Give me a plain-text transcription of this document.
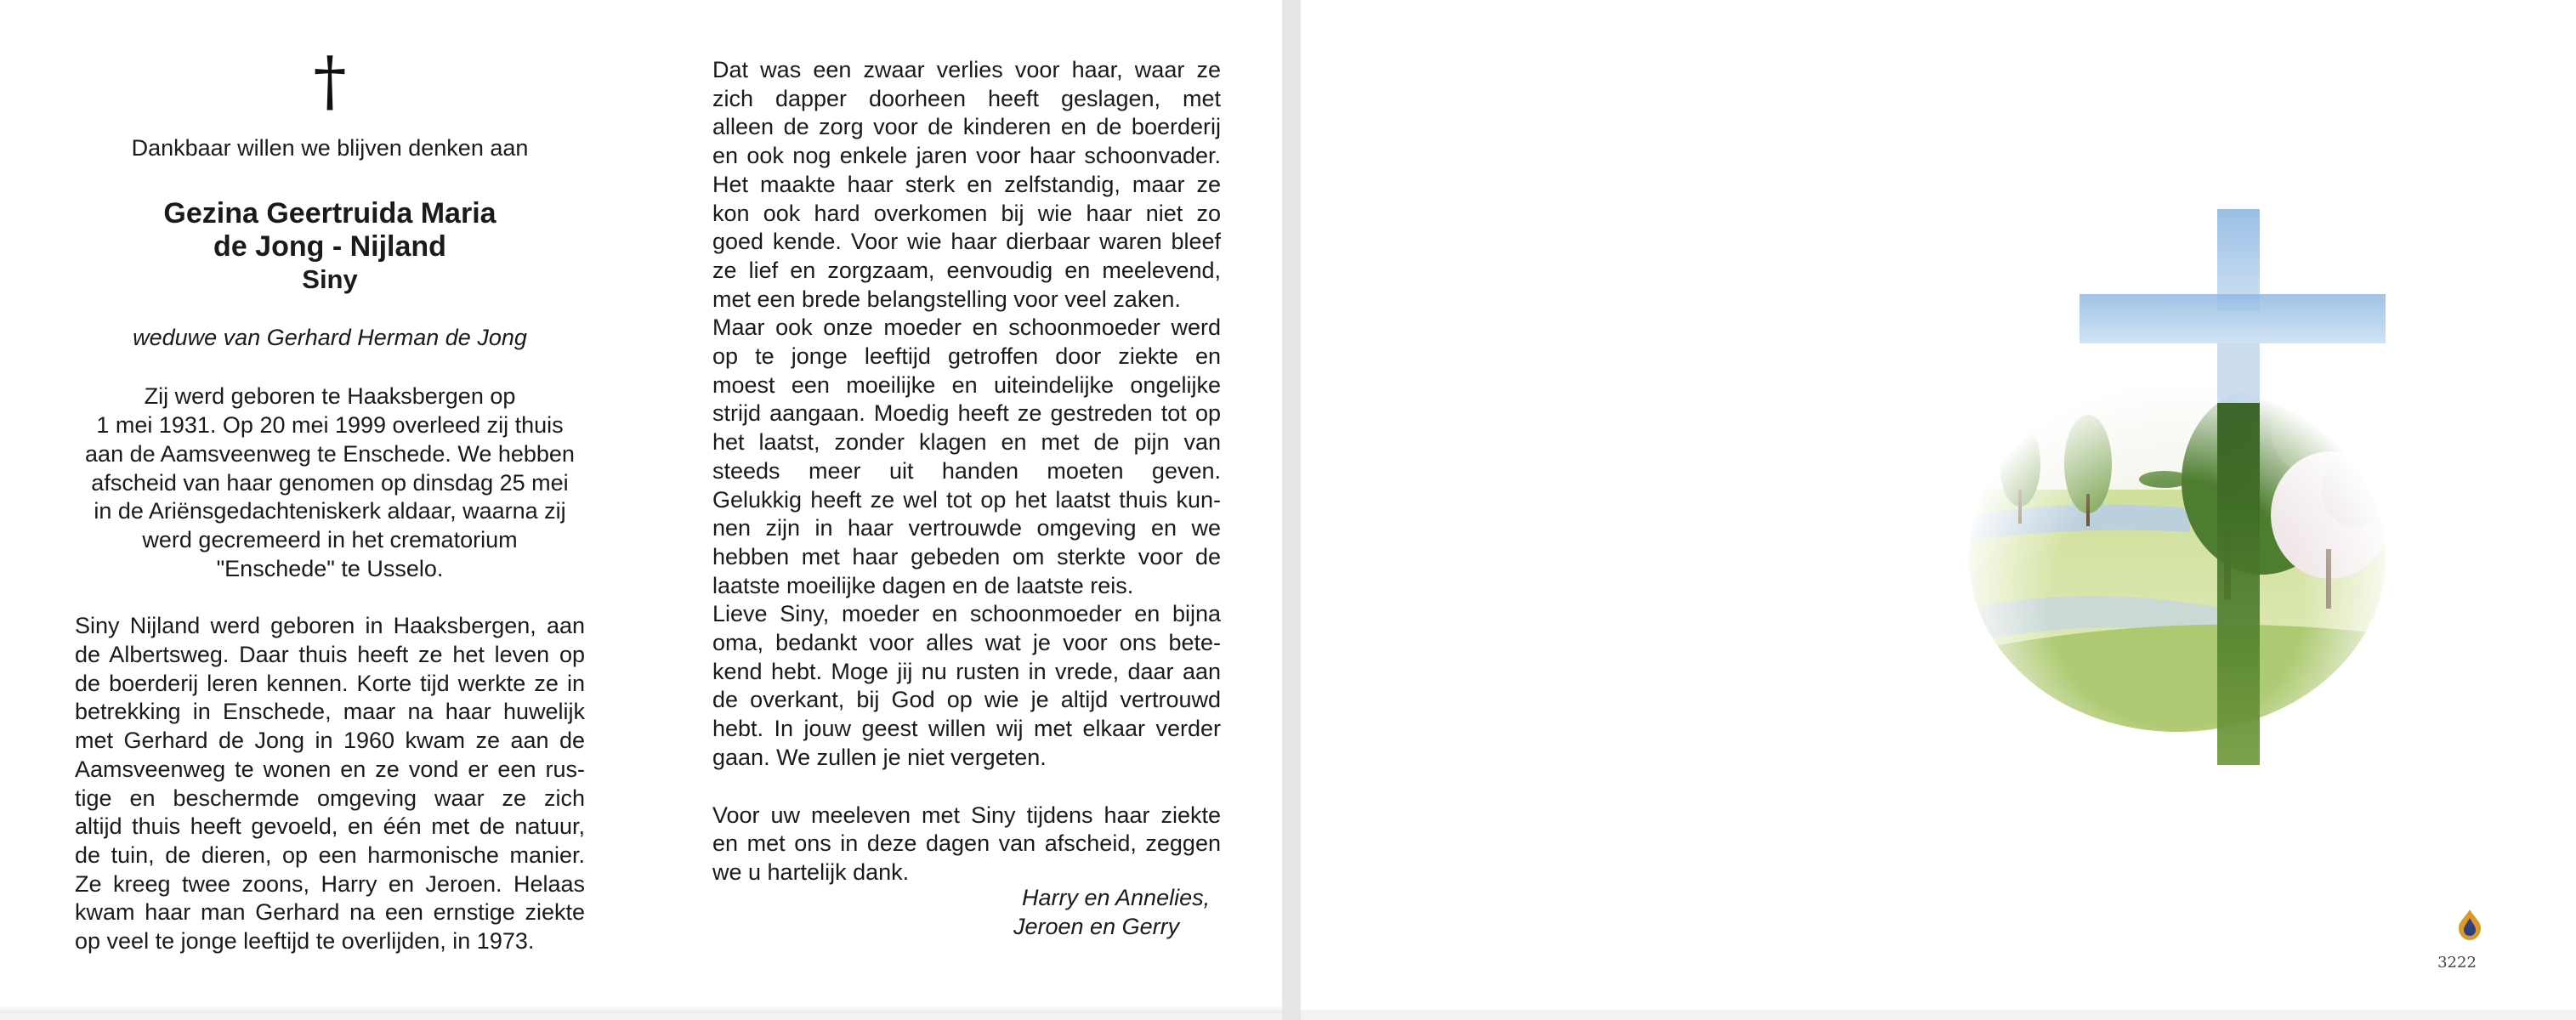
†
Dankbaar willen we blijven denken aan
Gezina Geertruida Maria
de Jong - Nijland
Siny
weduwe van Gerhard Herman de Jong
Zij werd geboren te Haaksbergen op
1 mei 1931. Op 20 mei 1999 overleed zij thuis
aan de Aamsveenweg te Enschede. We hebben
afscheid van haar genomen op dinsdag 25 mei
in de Ariënsgedachteniskerk aldaar, waarna zij
werd gecremeerd in het crematorium
"Enschede" te Usselo.
Siny Nijland werd geboren in Haaksbergen, aan
de Albertsweg. Daar thuis heeft ze het leven op
de boerderij leren kennen. Korte tijd werkte ze in
betrekking in Enschede, maar na haar huwelijk
met Gerhard de Jong in 1960 kwam ze aan de
Aamsveenweg te wonen en ze vond er een rus-
tige en beschermde omgeving waar ze zich
altijd thuis heeft gevoeld, en één met de natuur,
de tuin, de dieren, op een harmonische manier.
Ze kreeg twee zoons, Harry en Jeroen. Helaas
kwam haar man Gerhard na een ernstige ziekte
op veel te jonge leeftijd te overlijden, in 1973.
Dat was een zwaar verlies voor haar, waar ze
zich dapper doorheen heeft geslagen, met
alleen de zorg voor de kinderen en de boerderij
en ook nog enkele jaren voor haar schoonvader.
Het maakte haar sterk en zelfstandig, maar ze
kon ook hard overkomen bij wie haar niet zo
goed kende. Voor wie haar dierbaar waren bleef
ze lief en zorgzaam, eenvoudig en meelevend,
met een brede belangstelling voor veel zaken.
Maar ook onze moeder en schoonmoeder werd
op te jonge leeftijd getroffen door ziekte en
moest een moeilijke en uiteindelijke ongelijke
strijd aangaan. Moedig heeft ze gestreden tot op
het laatst, zonder klagen en met de pijn van
steeds meer uit handen moeten geven.
Gelukkig heeft ze wel tot op het laatst thuis kun-
nen zijn in haar vertrouwde omgeving en we
hebben met haar gebeden om sterkte voor de
laatste moeilijke dagen en de laatste reis.
Lieve Siny, moeder en schoonmoeder en bijna
oma, bedankt voor alles wat je voor ons bete-
kend hebt. Moge jij nu rusten in vrede, daar aan
de overkant, bij God op wie je altijd vertrouwd
hebt. In jouw geest willen wij met elkaar verder
gaan. We zullen je niet vergeten.
Voor uw meeleven met Siny tijdens haar ziekte
en met ons in deze dagen van afscheid, zeggen
we u hartelijk dank.
Harry en Annelies,
Jeroen en Gerry
3222
